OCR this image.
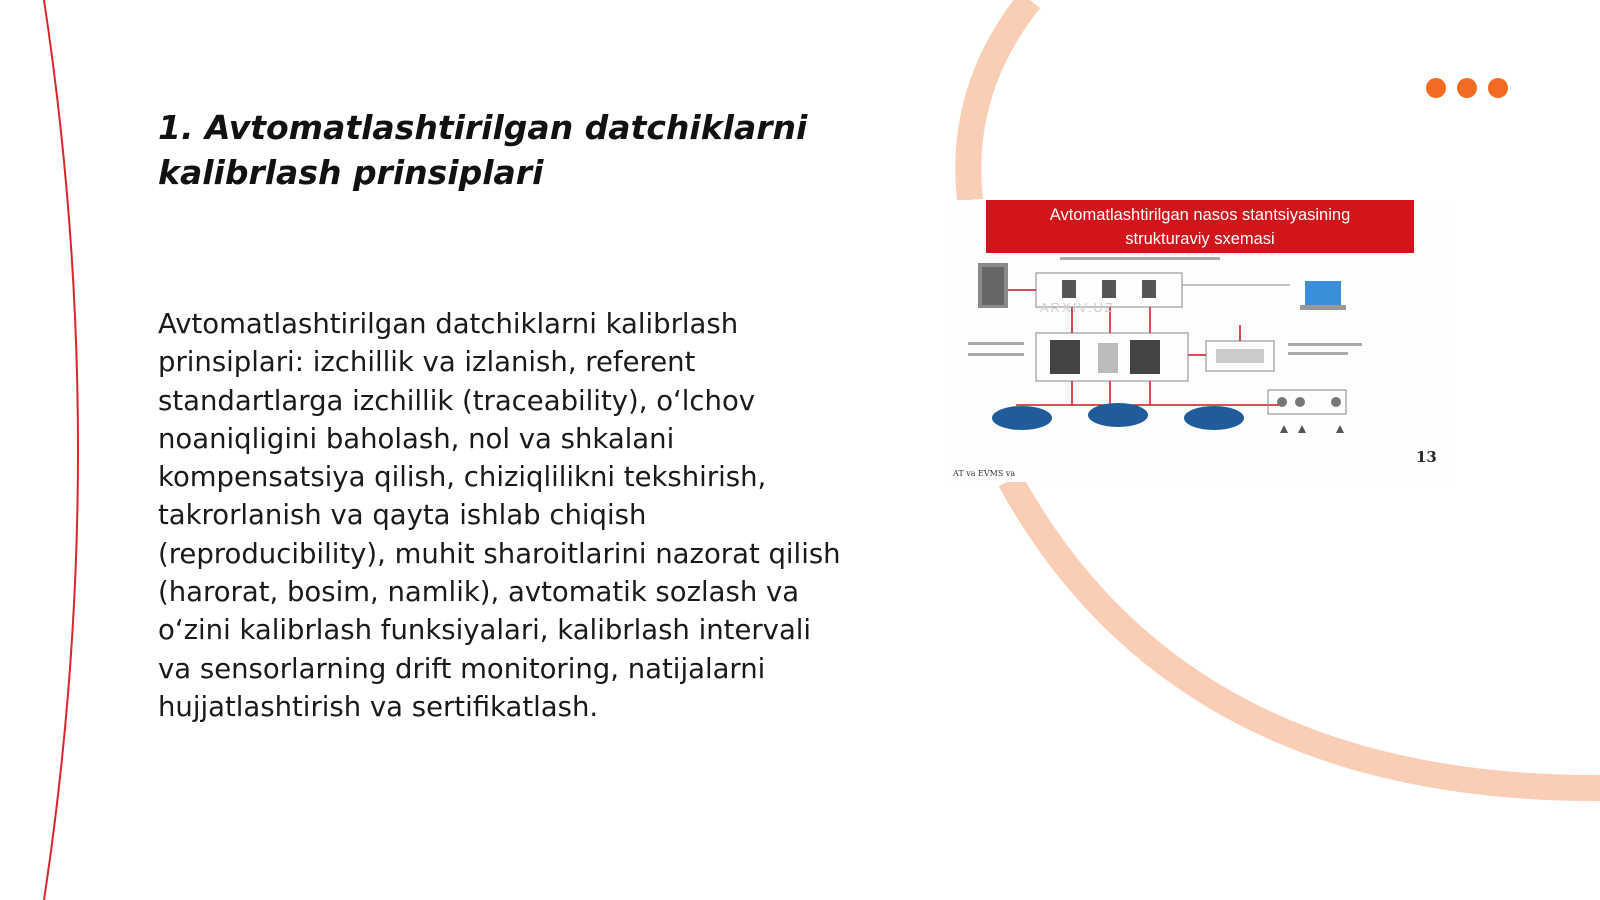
1. Avtomatlashtirilgan datchiklarni kalibrlash prinsiplari

Avtomatlashtirilgan datchiklarni kalibrlash prinsiplari: izchillik va izlanish, referent standartlarga izchillik (traceability), o‘lchov noaniqligini baholash, nol va shkalani kompensatsiya qilish, chiziqlilikni tekshirish, takrorlanish va qayta ishlab chiqish (reproducibility), muhit sharoitlarini nazorat qilish (harorat, bosim, namlik), avtomatik sozlash va o‘zini kalibrlash funksiyalari, kalibrlash intervali va sensorlarning drift monitoring, natijalarni hujjatlashtirish va sertifikatlash.

Avtomatlashtirilgan nasos stantsiyasining
strukturaviy sxemasi
13
AT va EVMS va
ARXIV.UZ
